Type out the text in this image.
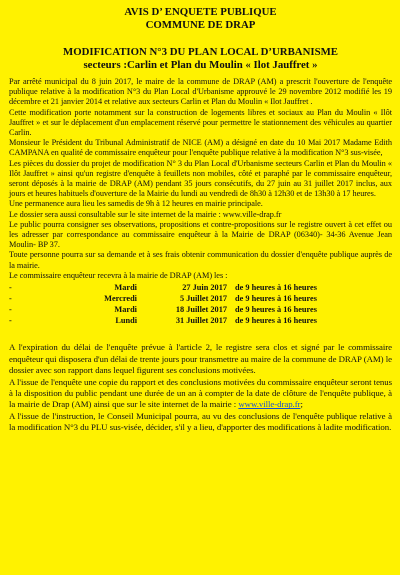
AVIS D’ ENQUETE PUBLIQUE
COMMUNE DE DRAP
MODIFICATION N°3 DU PLAN LOCAL D’URBANISME
secteurs :Carlin et Plan du Moulin « Ilot Jauffret »

Par arrêté municipal du 8 juin 2017, le maire de la commune de DRAP (AM) a prescrit l'ouverture de l'enquête publique relative à la modification N°3 du Plan Local d'Urbanisme approuvé le 29 novembre 2012 modifié les 19 décembre et 21 janvier 2014 et relative aux secteurs Carlin et Plan du Moulin « Ilot Jauffret .

Cette modification porte notamment sur la construction de logements libres et sociaux au Plan du Moulin « Ilôt Jauffret » et sur le déplacement d'un emplacement réservé pour permettre le stationnement des véhicules au quartier Carlin.

Monsieur le Président du Tribunal Administratif de NICE (AM) a désigné en date du 10 Mai 2017 Madame Edith CAMPANA en qualité de commissaire enquêteur pour l'enquête publique relative à la modification N°3 sus-visée,

Les pièces du dossier du projet de modification N° 3 du Plan Local d'Urbanisme secteurs Carlin et Plan du Moulin « Ilôt Jauffret » ainsi qu'un registre d'enquête à feuillets non mobiles, côté et paraphé par le commissaire enquêteur, seront déposés à la mairie de DRAP (AM) pendant 35 jours consécutifs, du 27 juin au 31 juillet 2017 inclus, aux jours et heures habituels d'ouverture de la Mairie du lundi au vendredi de 8h30 à 12h30 et de 13h30 à 17 heures.

Une permanence aura lieu les samedis de 9h à 12 heures en mairie principale.

Le dossier sera aussi consultable sur le site internet de la mairie : www.ville-drap.fr

Le public pourra consigner ses observations, propositions et contre-propositions sur le registre ouvert à cet effet ou les adresser par correspondance au commissaire enquêteur à la Mairie de DRAP (06340)- 34-36 Avenue Jean Moulin- BP 37.

Toute personne pourra sur sa demande et à ses frais obtenir communication du dossier d'enquête publique auprès de la mairie.

Le commissaire enquêteur recevra à la mairie de DRAP (AM) les :

-	Mardi	27 Juin 2017 de 9 heures à 16 heures
-	Mercredi	5 Juillet 2017 de 9 heures à 16 heures
-	Mardi	18 Juillet 2017 de 9 heures à 16 heures
-	Lundi	31 Juillet 2017 de 9 heures à 16 heures

A l'expiration du délai de l'enquête prévue à l'article 2, le registre sera clos et signé par le commissaire enquêteur qui disposera d'un délai de trente jours pour transmettre au maire de la commune de DRAP (AM) le dossier avec son rapport dans lequel figurent ses conclusions motivées.

A l'issue de l'enquête une copie du rapport et des conclusions motivées du commissaire enquêteur seront tenus à la disposition du public pendant une durée de un an à compter de la date de clôture de l'enquête publique, à la mairie de Drap (AM) ainsi que sur le site internet de la mairie : www.ville-drap.fr;

A l'issue de l'instruction, le Conseil Municipal pourra, au vu des conclusions de l'enquête publique relative à la modification N°3 du PLU sus-visée, décider, s'il y a lieu, d'apporter des modifications à ladite modification.
